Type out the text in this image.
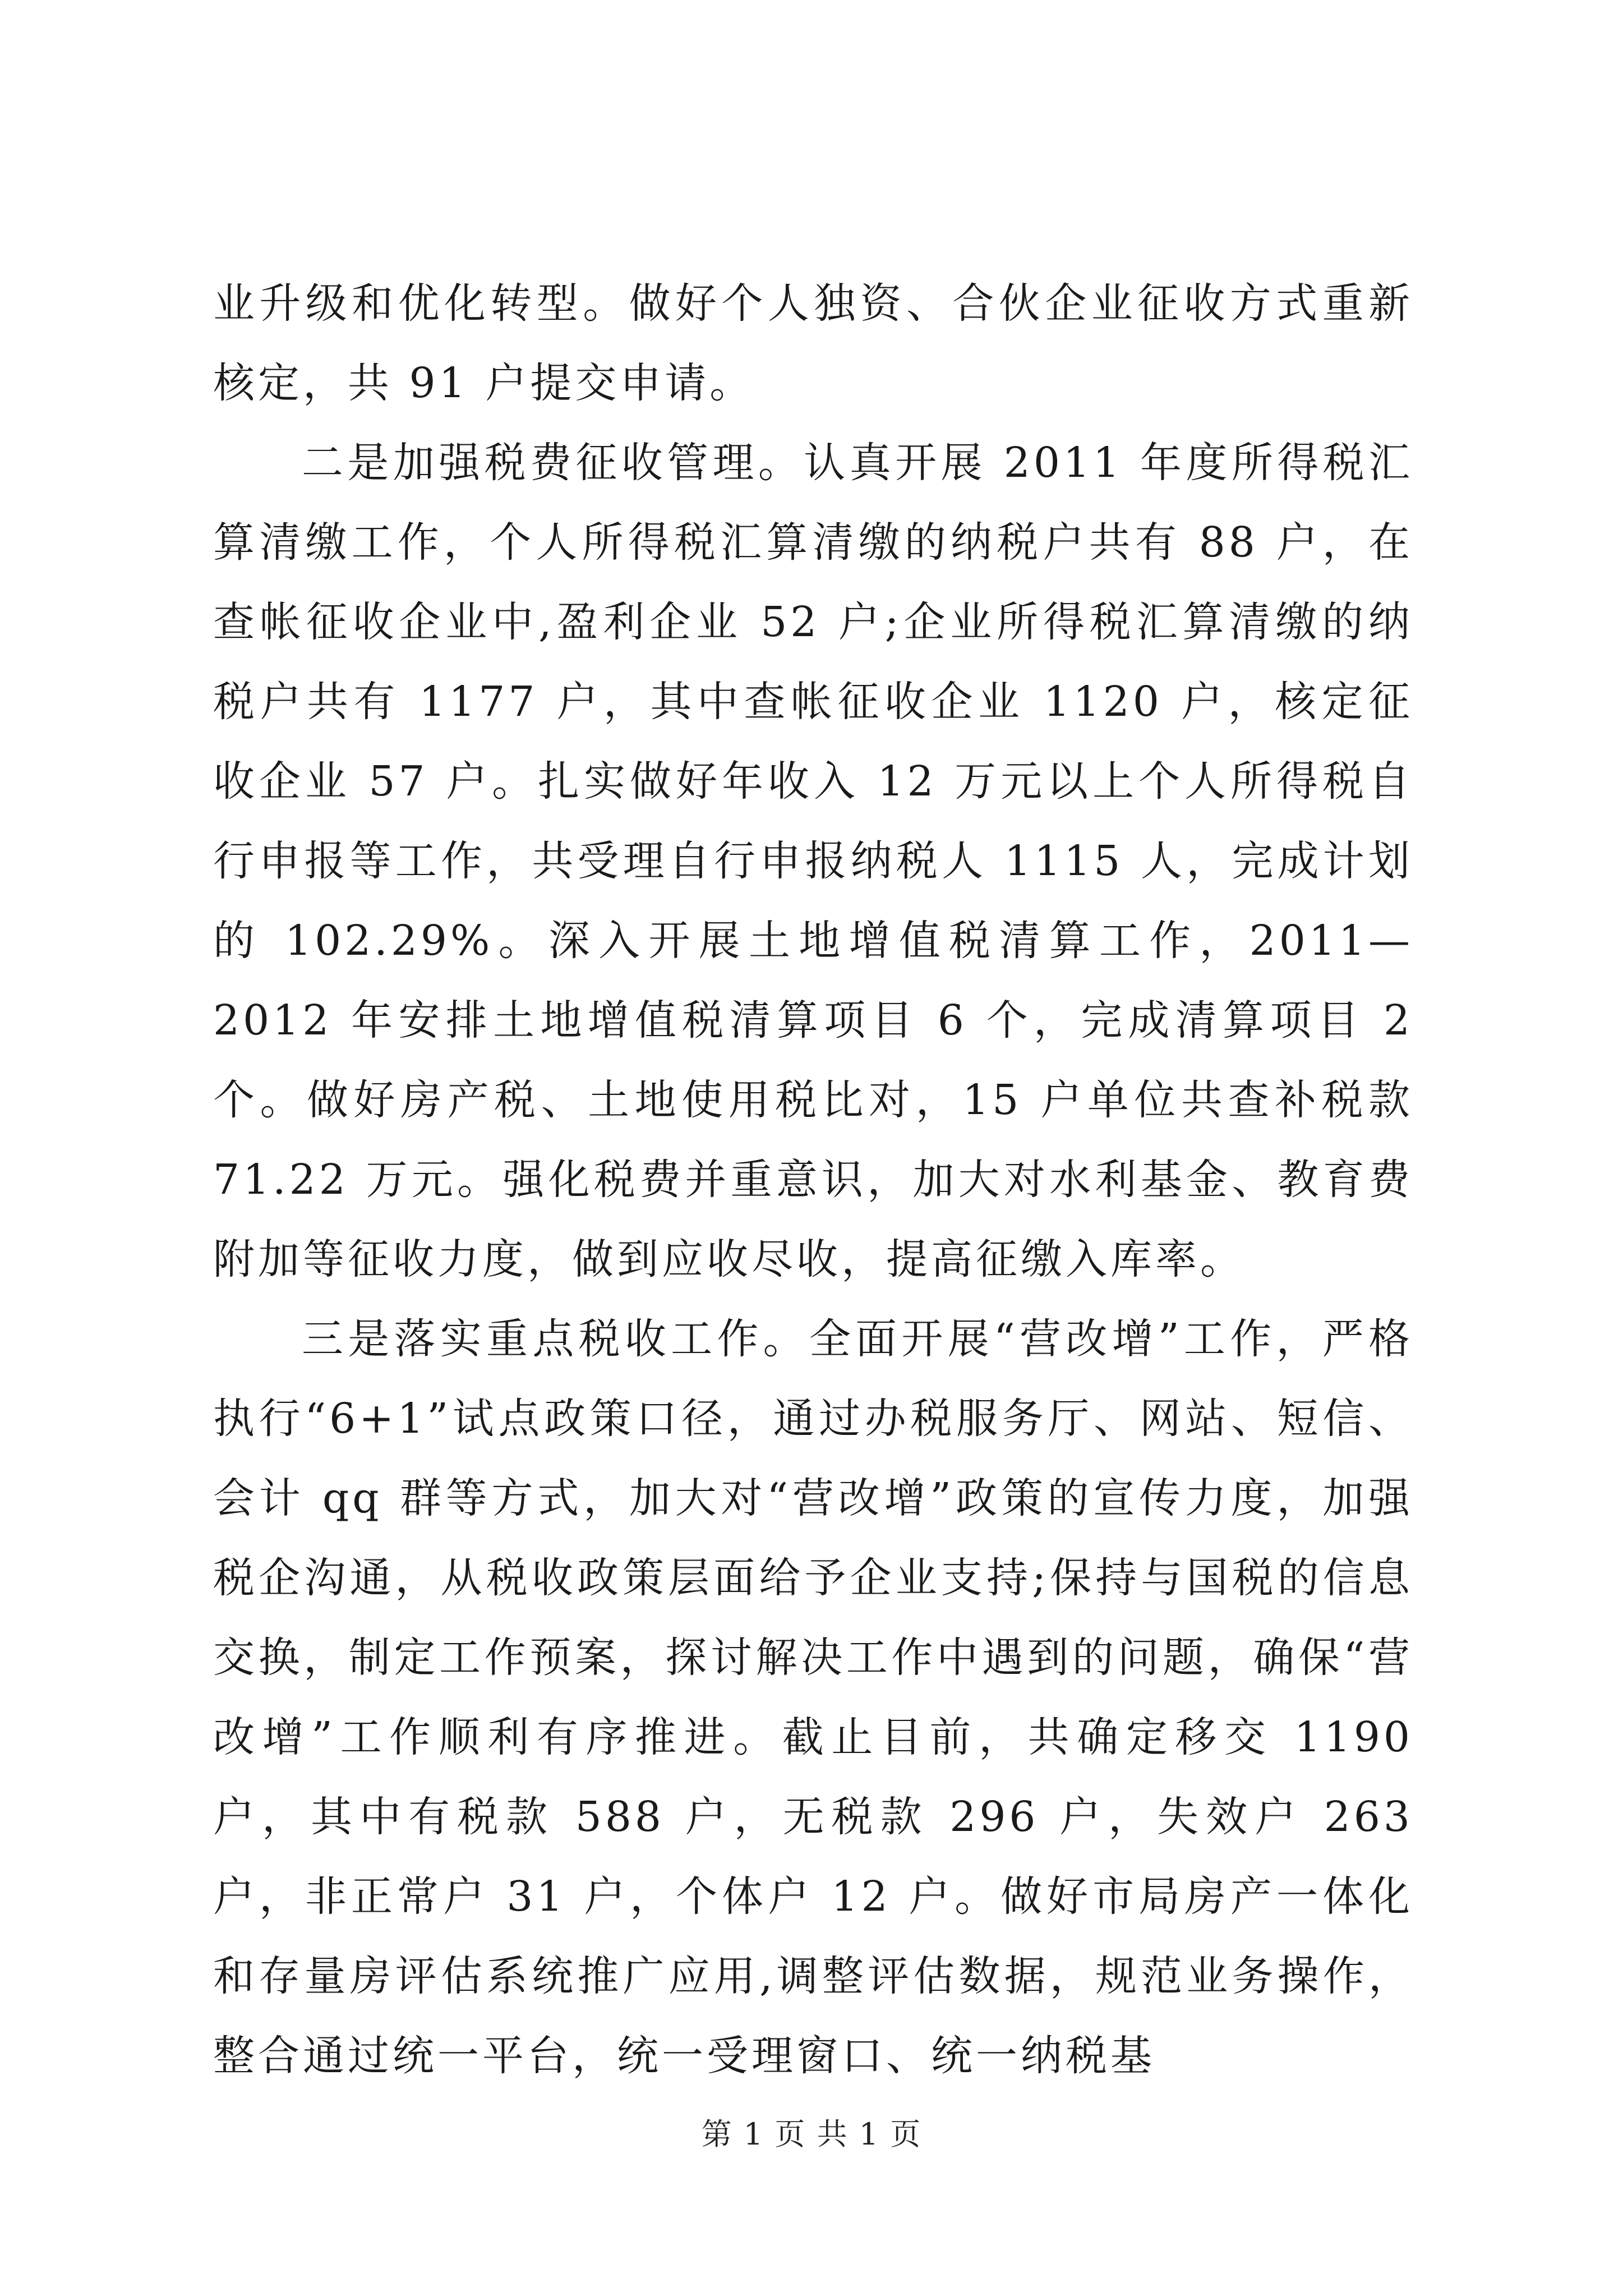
业升级和优化转型。做好个人独资、合伙企业征收方式重新核定，共 91 户提交申请。

二是加强税费征收管理。认真开展 2011 年度所得税汇算清缴工作，个人所得税汇算清缴的纳税户共有 88 户，在查帐征收企业中,盈利企业 52 户;企业所得税汇算清缴的纳税户共有 1177 户，其中查帐征收企业 1120 户，核定征收企业 57 户。扎实做好年收入 12 万元以上个人所得税自行申报等工作，共受理自行申报纳税人 1115 人，完成计划的 102.29%。深入开展土地增值税清算工作，2011—2012 年安排土地增值税清算项目 6 个，完成清算项目 2 个。做好房产税、土地使用税比对，15 户单位共查补税款 71.22 万元。强化税费并重意识，加大对水利基金、教育费附加等征收力度，做到应收尽收，提高征缴入库率。

三是落实重点税收工作。全面开展“营改增”工作，严格执行“6+1”试点政策口径，通过办税服务厅、网站、短信、会计 qq 群等方式，加大对“营改增”政策的宣传力度，加强税企沟通，从税收政策层面给予企业支持;保持与国税的信息交换，制定工作预案，探讨解决工作中遇到的问题，确保“营改增”工作顺利有序推进。截止目前，共确定移交 1190 户，其中有税款 588 户，无税款 296 户，失效户 263 户，非正常户 31 户，个体户 12 户。做好市局房产一体化和存量房评估系统推广应用,调整评估数据，规范业务操作，整合通过统一平台，统一受理窗口、统一纳税基

第 1 页 共 1 页
